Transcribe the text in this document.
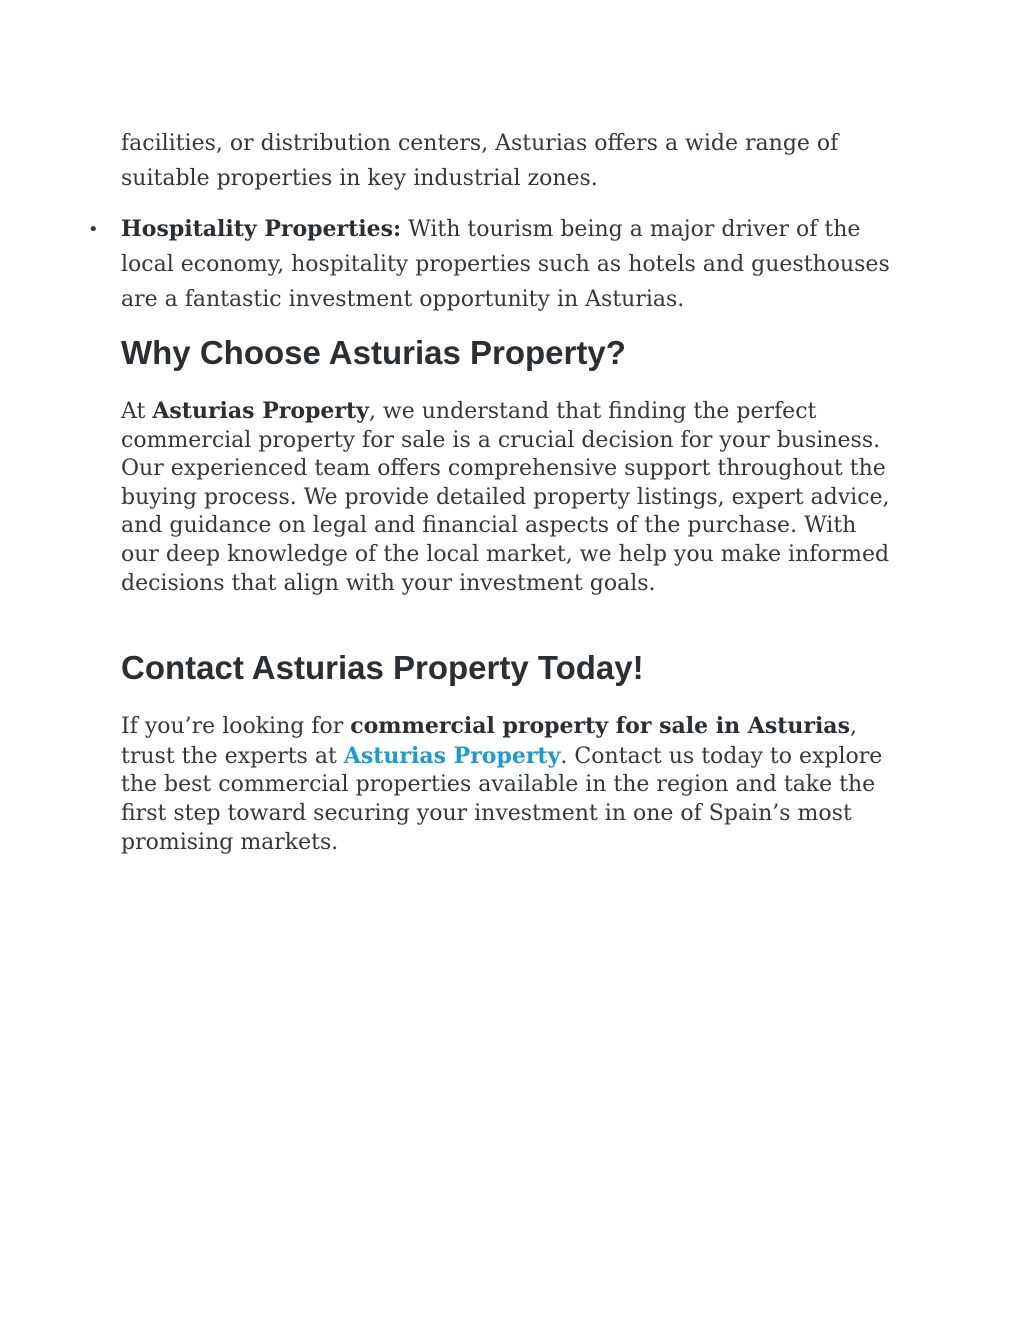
facilities, or distribution centers, Asturias offers a wide range of suitable properties in key industrial zones.

• Hospitality Properties: With tourism being a major driver of the local economy, hospitality properties such as hotels and guesthouses are a fantastic investment opportunity in Asturias.
Why Choose Asturias Property?

At Asturias Property, we understand that finding the perfect commercial property for sale is a crucial decision for your business. Our experienced team offers comprehensive support throughout the buying process. We provide detailed property listings, expert advice, and guidance on legal and financial aspects of the purchase. With our deep knowledge of the local market, we help you make informed decisions that align with your investment goals.

Contact Asturias Property Today!

If you’re looking for commercial property for sale in Asturias, trust the experts at Asturias Property. Contact us today to explore the best commercial properties available in the region and take the first step toward securing your investment in one of Spain’s most promising markets.
